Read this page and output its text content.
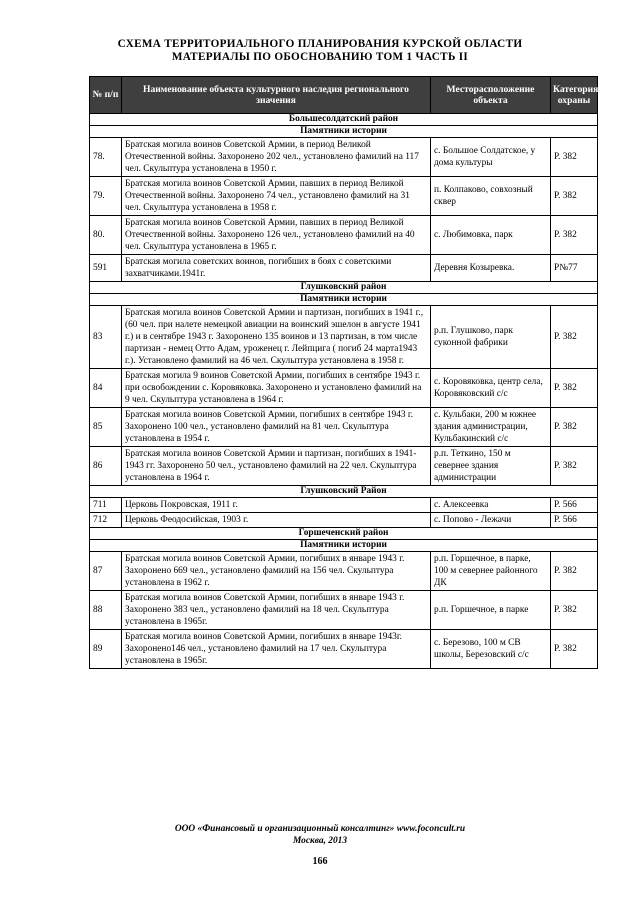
СХЕМА ТЕРРИТОРИАЛЬНОГО ПЛАНИРОВАНИЯ КУРСКОЙ ОБЛАСТИ
МАТЕРИАЛЫ ПО ОБОСНОВАНИЮ ТОМ 1 ЧАСТЬ II
№ п/п	Наименование объекта культурного наследия регионального значения	Месторасположение объекта	Категория охраны
Большесолдатский район			
Памятники истории			
78.	Братская могила воинов Советской Армии, в период Великой Отечественной войны. Захоронено 202 чел., установлено фамилий на 117 чел. Скульптура установлена в 1950 г.	с. Большое Солдатское, у дома культуры	Р. 382
79.	Братская могила воинов Советской Армии, павших в период Великой Отечественной войны. Захоронено 74 чел., установлено фамилий на 31 чел. Скульптура установлена в 1958 г.	п. Колпаково, совхозный сквер	Р. 382
80.	Братская могила воинов Советской Армии, павших в период Великой Отечественной войны. Захоронено 126 чел., установлено фамилий на 40 чел. Скульптура установлена в 1965 г.	с. Любимовка, парк	Р. 382
591	Братская могила советских воинов, погибших в боях с советскими захватчиками.1941г.	Деревня Козыревка.	Р№77
Глушковский район			
Памятники истории			
83	Братская могила воинов Советской Армии и партизан, погибших в 1941 г., (60 чел. при налете немецкой авиации на воинский эшелон в августе 1941 г.) и в сентябре 1943 г. Захоронено 135 воинов и 13 партизан, в том числе партизан - немец Отто Адам, уроженец г. Лейпцига ( погиб 24 марта1943 г.). Установлено фамилий на 46 чел. Скульптура установлена в 1958 г.	р.п. Глушково, парк суконной фабрики	Р. 382
84	Братская могила 9 воинов Советской Армии, погибших в сентябре 1943 г. при освобождении с. Коровяковка. Захоронено и установлено фамилий на 9 чел. Скульптура установлена в 1964 г.	с. Коровяковка, центр села, Коровяковский с/с	Р. 382
85	Братская могила воинов Советской Армии, погибших в сентябре 1943 г. Захоронено 100 чел., установлено фамилий на 81 чел. Скульптура установлена в 1954 г.	с. Кульбаки, 200 м южнее здания администрации, Кульбакинский с/с	Р. 382
86	Братская могила воинов Советской Армии и партизан, погибших в 1941-1943 гг. Захоронено 50 чел., установлено фамилий на 22 чел. Скульптура установлена в 1964 г.	р.п. Теткино, 150 м севернее здания администрации	Р. 382
Глушковский Район			
711	Церковь Покровская, 1911 г.	с. Алексеевка	Р. 566
712	Церковь Феодосийская, 1903 г.	с. Попово - Лежачи	Р. 566
Горшеченский район			
Памятники истории			
87	Братская могила воинов Советской Армии, погибших в январе 1943 г. Захоронено 669 чел., установлено фамилий на 156 чел. Скульптура установлена в 1962 г.	р.п. Горшечное, в парке, 100 м севернее районного ДК	Р. 382
88	Братская могила воинов Советской Армии, погибших в январе 1943 г. Захоронено 383 чел., установлено фамилий на 18 чел. Скульптура установлена в 1965г.	р.п. Горшечное, в парке	Р. 382
89	Братская могила воинов Советской Армии, погибших в январе 1943г. Захоронено146 чел., установлено фамилий на 17 чел. Скульптура установлена в 1965г.	с. Березово, 100 м СВ школы, Березовский с/с	Р. 382
ООО «Финансовый и организационный консалтинг» www.foconcult.ru
Москва, 2013
166
